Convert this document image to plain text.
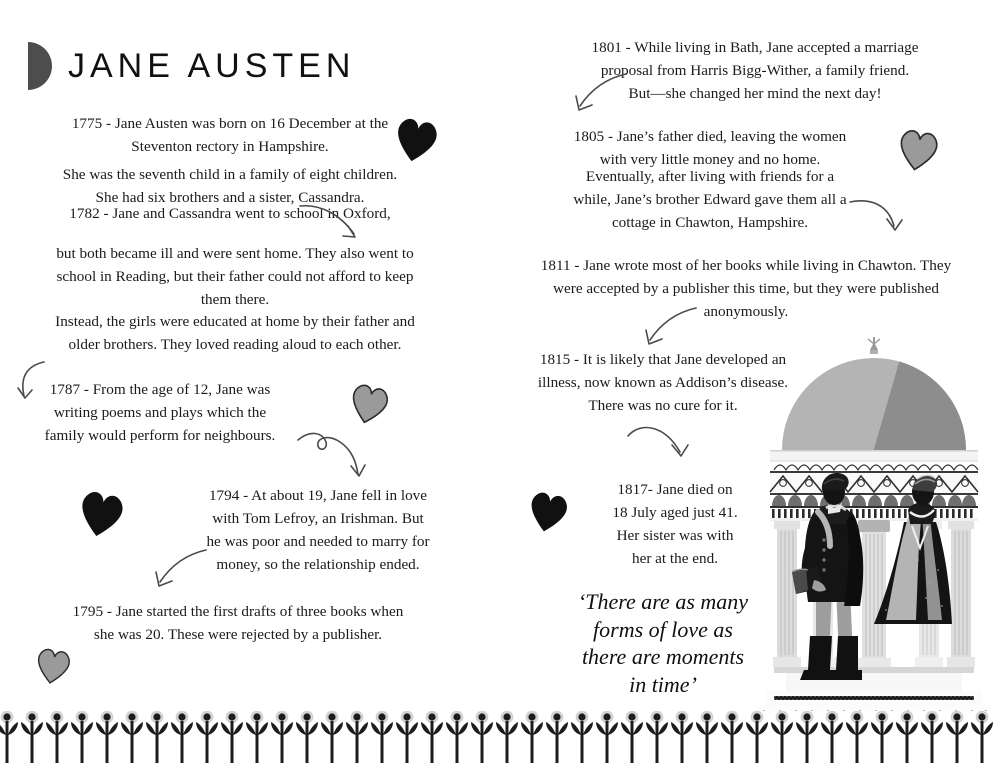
JANE AUSTEN

1775 - Jane Austen was born on 16 December at the

Steventon rectory in Hampshire.

She was the seventh child in a family of eight children.

She had six brothers and a sister, Cassandra.

1782 - Jane and Cassandra went to school in Oxford,

but both became ill and were sent home. They also went to

school in Reading, but their father could not afford to keep

them there.

Instead, the girls were educated at home by their father and

older brothers. They loved reading aloud to each other.

1787 - From the age of 12, Jane was

writing poems and plays which the

family would perform for neighbours.

1794 - At about 19, Jane fell in love

with Tom Lefroy, an Irishman. But

he was poor and needed to marry for

money, so the relationship ended.

1795 - Jane started the first drafts of three books when

she was 20. These were rejected by a publisher.

1801 - While living in Bath, Jane accepted a marriage

proposal from Harris Bigg-Wither, a family friend.

But—she changed her mind the next day!

1805 - Jane’s father died, leaving the women

with very little money and no home.

Eventually, after living with friends for a

while, Jane’s brother Edward gave them all a

cottage in Chawton, Hampshire.

1811 - Jane wrote most of her books while living in Chawton. They

were accepted by a publisher this time, but they were published

anonymously.

1815 - It is likely that Jane developed an

illness, now known as Addison’s disease.

There was no cure for it.

1817- Jane died on

18 July aged just 41.

Her sister was with

her at the end.

‘There are as many

forms of love as

there are moments

in time’
